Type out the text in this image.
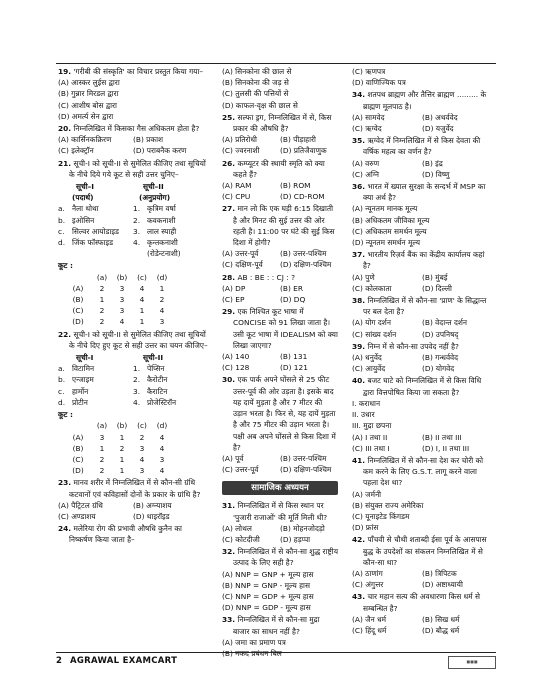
19. 'गरीबी की संस्कृति' का विचार प्रस्तुत किया गया–
(A) आस्कर लुईस द्वारा
(B) गुन्नार मिरडल द्वारा
(C) आशीष बोस द्वारा
(D) अमर्त्य सेन द्वारा
20. निम्नलिखित में किसका गैस अधिकतम होता है?
(A) कार्सिनकक्रिरण	(B) प्रकाश
(C) इलेक्ट्रॉन	(D) पराबनैक करण
21. सूची-I को सूची-II से सुमेलित कीजिए तथा सूचियों के नीचे दिये गये कूट से सही उत्तर चुनिए–
सूची–I	सूची–II
(पदार्थ)	(अनुप्रयोग)
a. नैला थोथा	1. कृत्रिम वर्षा
b. इओसिन	2. कवकनाशी
c.	सिल्वर आयोडाइड	3. लाल स्याही
d. जिंक फॉस्फाइड	4. कृन्तकनाशी
(रोडेन्टनाशी)
कूट :
(a)	(b)	(c)	(d)
(A)	2	3	4	1
(B)	1	3	4	2
(C)	2	3	1	4
(D)	2	4	1	3
22. सूची-I को सूची-II से सुमेलित कीजिए तथा सूचियों के नीचे दिए हुए कूट से सही उत्तर का चयन कीजिए–
सूची-I	सूची-II
a. विटामिन	1. पेप्सिन
b. एन्जाइम	2. कैरोटीन
c.	हार्मोन	3. कैराटिन
d. प्रोटीन	4. प्रोजेस्टिरॉन
कूट :
(a)	(b)	(c)	(d)
(A)	3	1	2	4
(B)	1	2	3	4
(C)	2	1	4	3
(D)	2	1	3	4
23. मानव शरीर में निम्नलिखित में से कौन-सी ग्रंथि कटवानों एवं कविहासों दोनों के प्रकार के ग्रांथि है?
(A) पैट्रिटल ग्रंथि	(B) अग्न्याशय
(C) अण्डाशय	(D) थाइरॉइड
24. मलेरिया रोग की प्रभावी औषधि कुनैन का निष्कर्षण किया जाता है–
(A) सिनकोना की छाल से
(B) सिनकोना की जड़ से
(C) तुलसी की पत्तियों से
(D) काफल-वृक्ष की छाल से
25. सल्फा ड्रग, निम्नलिखित में से, किस प्रकार की औषधि है?
(A) प्रतिरोधी	(B) पीड़ाहारी
(C) ज्वरनाशी	(D) प्रतिजैवाणुक
26. कम्प्यूटर की स्थायी स्मृति को क्या कहते हैं?
(A) RAM	(B) ROM
(C) CPU	(D) CD-ROM
27. मान लो कि एक घड़ी 6:15 दिखाती है और मिनट की सुई उत्तर की ओर रहती है। 11:00 पर घंटे की सुई किस दिशा में होगी?
(A) उत्तर-पूर्व	(B) उत्तर-पश्चिम
(C) दक्षिण-पूर्व	(D) दक्षिण-पश्चिम
28. AB : BE : : CJ : ?
(A) DP	(B) ER
(C) EP	(D) DQ
29. एक निश्चित कूट भाषा में CONCISE को 91 लिखा जाता है। उसी कूट भाषा में IDEALISM को क्या लिखा जाएगा?
(A) 140	(B) 131
(C) 128	(D) 121
30. एक पार्क अपने घोंसले से 25 फीट उत्तर-पूर्व की ओर उड़ता है। इसके बाद यह दायें मुड़ता है और 7 मीटर की उड़ान भरता है। फिर से, यह दायें मुड़ता है और 75 मीटर की उड़ान भरता है। पक्षी अब अपने घोंसले से किस दिशा में है?
(A) पूर्व	(B) उत्तर-पश्चिम
(C) उत्तर-पूर्व	(D) दक्षिण-पश्चिम
सामाजिक अध्ययन
31. निम्नलिखित में से किस स्थान पर 'पुजारी राजाओं' की मूर्ति मिली थी?
(A) लोथल	(B) मोहनजोदड़ो
(C) कोटदीजी	(D) हड़प्पा
32. निम्नलिखित में से कौन-सा शुद्ध राष्ट्रीय उत्पाद के लिए सही है?
(A) NNP = GNP + मूल्य हास
(B) NNP = GNP - मूल्य हास
(C) NNP = GDP + मूल्य हास
(D) NNP = GDP - मूल्य हास
33. निम्नलिखित में से कौन-सा मुद्रा बाजार का साधन नहीं है?
(A) जमा का प्रमाण पत्र
(B) नकद प्रबंधन बिल
(C) ऋणपत्र
(D) वाणिज्यिक पत्र
34. शतपथ ब्राह्मण और तैत्तिर ब्राह्मण ......... के ब्राह्मण मूलपाठ है।
(A) सामवेद	(B) अथर्ववेद
(C) ऋग्वेद	(D) यजुर्वेद
35. ऋग्वेद में निम्नलिखित में से किस देवता की वर्षिक महत्व का वर्णन है?
(A) वरुण	(B) इंद्र
(C) अग्नि	(D) विष्णु
36. भारत में ख्याल सुरक्षा के सन्दर्भ में MSP का क्या अर्थ है?
(A) न्यूनतम मानक मूल्य
(B) अधिकतम जीविका मूल्य
(C) अधिकतम समर्थन मूल्य
(D) न्यूनतम समर्थन मूल्य
37. भारतीय रिज़र्व बैंक का केंद्रीय कार्यालय कहां है?
(A) पुणे	(B) मुंबई
(C) कोलकाता	(D) दिल्ली
38. निम्नलिखित में से कौन-सा 'प्राण' के सिद्धान्त पर बल देता है?
(A) योग दर्शन	(B) वेदान्त दर्शन
(C) सांख्य दर्शन	(D) उपनिषद्
39. निम्न में से कौन-सा उपवेद नहीं है?
(A) धनुर्वेद	(B) गन्धर्ववेद
(C) आयुर्वेद	(D) योगवेद
40. बजट घाटे को निम्नलिखित में से किस विधि द्वारा वित्तपोषित किया जा सकता है?
I. कराधान
II. उधार
III. मुद्रा छपना
(A) I तथा II	(B) II तथा III
(C) III तथा I	(D) I, II तथा III
41. निम्नलिखित में से कौन-सा देश कर चोरी को कम करने के लिए G.S.T. लागू करने वाला पहला देश था?
(A) जर्मनी
(B) संयुक्त राज्य अमेरिका
(C) यूनाइटेड किंगडम
(D) फ्रांस
42. पाँचवी से चौथी शताब्दी ईसा पूर्व के आसपास बुद्ध के उपदेशों का संकलन निम्नलिखित में से कौन-सा था?
(A) ठाणांग	(B) त्रिपिटक
(C) अंगुत्तर	(D) अष्टाध्यायी
43. चार महान सत्य की अवधारणा किस धर्म से सम्बन्धित है?
(A) जैन धर्म	(B) सिख धर्म
(C) हिंदू धर्म	(D) बौद्ध धर्म
2 AGRAWAL EXAMCART	◼◼◼
